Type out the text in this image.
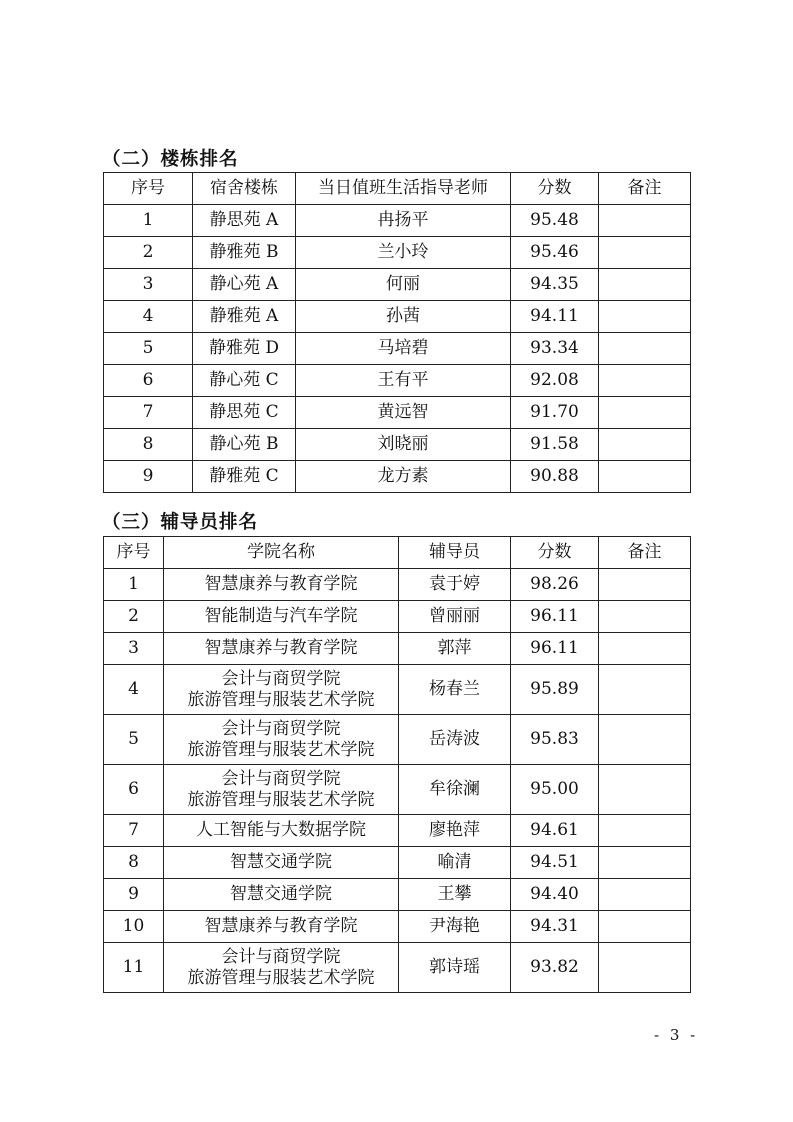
（二）楼栋排名
序号	宿舍楼栋	当日值班生活指导老师	分数	备注
1	静思苑 A	冉扬平	95.48	
2	静雅苑 B	兰小玲	95.46	
3	静心苑 A	何丽	94.35	
4	静雅苑 A	孙茜	94.11	
5	静雅苑 D	马培碧	93.34	
6	静心苑 C	王有平	92.08	
7	静思苑 C	黄远智	91.70	
8	静心苑 B	刘晓丽	91.58	
9	静雅苑 C	龙方素	90.88	
（三）辅导员排名
序号	学院名称	辅导员	分数	备注
1	智慧康养与教育学院	袁于婷	98.26	
2	智能制造与汽车学院	曾丽丽	96.11	
3	智慧康养与教育学院	郭萍	96.11	
4	会计与商贸学院
旅游管理与服装艺术学院	杨春兰	95.89	
5	会计与商贸学院
旅游管理与服装艺术学院	岳涛波	95.83	
6	会计与商贸学院
旅游管理与服装艺术学院	牟徐澜	95.00	
7	人工智能与大数据学院	廖艳萍	94.61	
8	智慧交通学院	喻清	94.51	
9	智慧交通学院	王攀	94.40	
10	智慧康养与教育学院	尹海艳	94.31	
11	会计与商贸学院
旅游管理与服装艺术学院	郭诗瑶	93.82	
- 3 -
